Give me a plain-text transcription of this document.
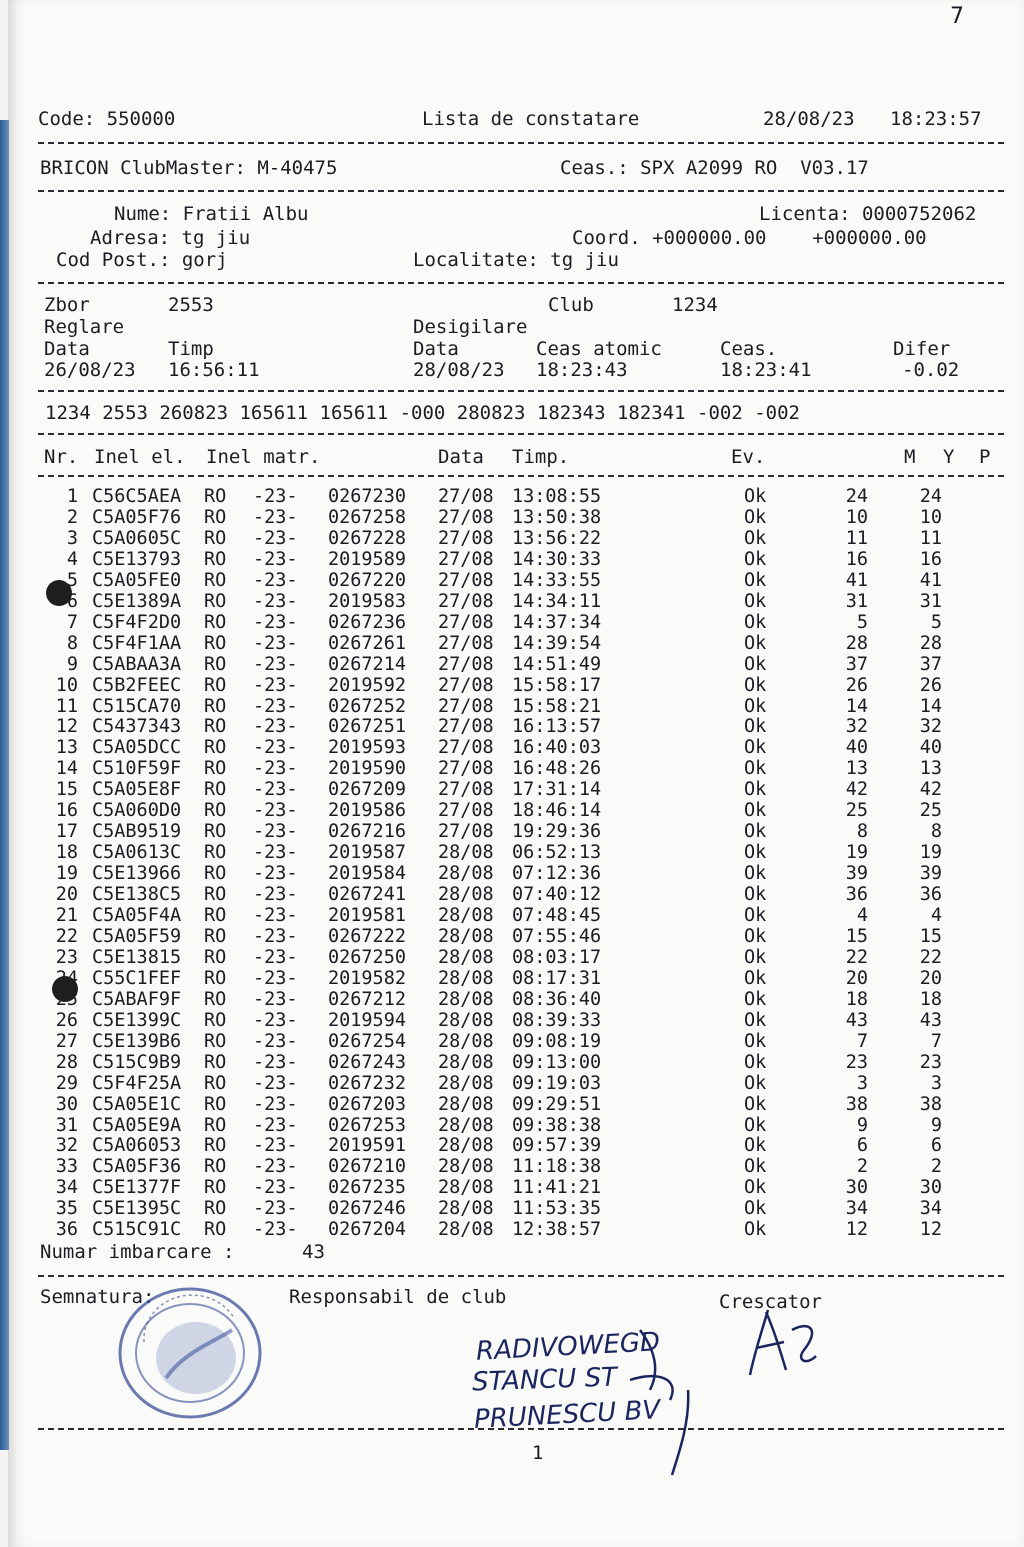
7
Code: 550000	Lista de constatare	28/08/23 18:23:57
BRICON ClubMaster: M-40475	Ceas.: SPX A2099 RO  V03.17
Nume: Fratii Albu	Licenta: 0000752062
Adresa: tg jiu	Coord. +000000.00    +000000.00
Cod Post.: gorj	Localitate: tg jiu
Zbor	2553	Club	1234
Reglare	Desigilare
Data	Timp	Data	Ceas atomic	Ceas.	Difer
26/08/23 16:56:11	28/08/23 18:23:43	18:23:41	-0.02
1234 2553 260823 165611 165611 -000 280823 182343 182341 -002 -002
Nr. Inel el. Inel matr.	Data Timp.	Ev.	M Y P
1 C56C5AEA RO -23- 0267230 27/08 13:08:55	Ok	24	24
2 C5A05F76 RO -23- 0267258 27/08 13:50:38	Ok	10	10
3 C5A0605C RO -23- 0267228 27/08 13:56:22	Ok	11	11
4 C5E13793 RO -23- 2019589 27/08 14:30:33	Ok	16	16
5 C5A05FE0 RO -23- 0267220 27/08 14:33:55	Ok	41	41
6 C5E1389A RO -23- 2019583 27/08 14:34:11	Ok	31	31
7 C5F4F2D0 RO -23- 0267236 27/08 14:37:34	Ok	5	5
8 C5F4F1AA RO -23- 0267261 27/08 14:39:54	Ok	28	28
9 C5ABAA3A RO -23- 0267214 27/08 14:51:49	Ok	37	37
10 C5B2FEEC RO -23- 2019592 27/08 15:58:17	Ok	26	26
11 C515CA70 RO -23- 0267252 27/08 15:58:21	Ok	14	14
12 C5437343 RO -23- 0267251 27/08 16:13:57	Ok	32	32
13 C5A05DCC RO -23- 2019593 27/08 16:40:03	Ok	40	40
14 C510F59F RO -23- 2019590 27/08 16:48:26	Ok	13	13
15 C5A05E8F RO -23- 0267209 27/08 17:31:14	Ok	42	42
16 C5A060D0 RO -23- 2019586 27/08 18:46:14	Ok	25	25
17 C5AB9519 RO -23- 0267216 27/08 19:29:36	Ok	8	8
18 C5A0613C RO -23- 2019587 28/08 06:52:13	Ok	19	19
19 C5E13966 RO -23- 2019584 28/08 07:12:36	Ok	39	39
20 C5E138C5 RO -23- 0267241 28/08 07:40:12	Ok	36	36
21 C5A05F4A RO -23- 2019581 28/08 07:48:45	Ok	4	4
22 C5A05F59 RO -23- 0267222 28/08 07:55:46	Ok	15	15
23 C5E13815 RO -23- 0267250 28/08 08:03:17	Ok	22	22
24 C55C1FEF RO -23- 2019582 28/08 08:17:31	Ok	20	20
25 C5ABAF9F RO -23- 0267212 28/08 08:36:40	Ok	18	18
26 C5E1399C RO -23- 2019594 28/08 08:39:33	Ok	43	43
27 C5E139B6 RO -23- 0267254 28/08 09:08:19	Ok	7	7
28 C515C9B9 RO -23- 0267243 28/08 09:13:00	Ok	23	23
29 C5F4F25A RO -23- 0267232 28/08 09:19:03	Ok	3	3
30 C5A05E1C RO -23- 0267203 28/08 09:29:51	Ok	38	38
31 C5A05E9A RO -23- 0267253 28/08 09:38:38	Ok	9	9
32 C5A06053 RO -23- 2019591 28/08 09:57:39	Ok	6	6
33 C5A05F36 RO -23- 0267210 28/08 11:18:38	Ok	2	2
34 C5E1377F RO -23- 0267235 28/08 11:41:21	Ok	30	30
35 C5E1395C RO -23- 0267246 28/08 11:53:35	Ok	34	34
36 C515C91C RO -23- 0267204 28/08 12:38:57	Ok	12	12
Numar imbarcare :	43
Semnatura:	Responsabil de club	Crescator
RADIVOWEGD
STANCU ST
PRUNESCU BV
1
